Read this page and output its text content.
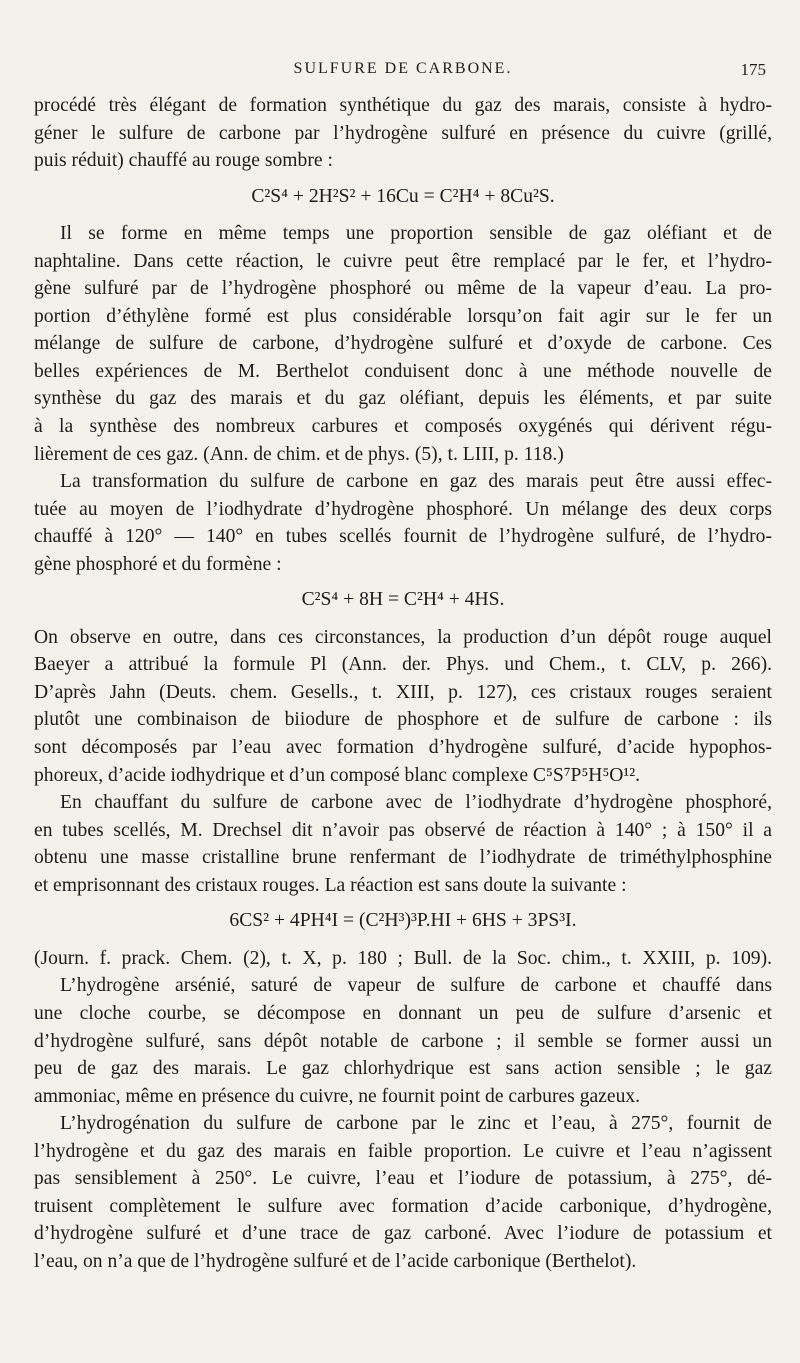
SULFURE DE CARBONE.	175
procédé très élégant de formation synthétique du gaz des marais, consiste à hydro-
géner le sulfure de carbone par l’hydrogène sulfuré en présence du cuivre (grillé,
puis réduit) chauffé au rouge sombre :
C²S⁴ + 2H²S² + 16Cu = C²H⁴ + 8Cu²S.
Il se forme en même temps une proportion sensible de gaz oléfiant et de
naphtaline. Dans cette réaction, le cuivre peut être remplacé par le fer, et l’hydro-
gène sulfuré par de l’hydrogène phosphoré ou même de la vapeur d’eau. La pro-
portion d’éthylène formé est plus considérable lorsqu’on fait agir sur le fer un
mélange de sulfure de carbone, d’hydrogène sulfuré et d’oxyde de carbone. Ces
belles expériences de M. Berthelot conduisent donc à une méthode nouvelle de
synthèse du gaz des marais et du gaz oléfiant, depuis les éléments, et par suite
à la synthèse des nombreux carbures et composés oxygénés qui dérivent régu-
lièrement de ces gaz. (Ann. de chim. et de phys. (5), t. LIII, p. 118.)
La transformation du sulfure de carbone en gaz des marais peut être aussi effec-
tuée au moyen de l’iodhydrate d’hydrogène phosphoré. Un mélange des deux corps
chauffé à 120° — 140° en tubes scellés fournit de l’hydrogène sulfuré, de l’hydro-
gène phosphoré et du formène :
C²S⁴ + 8H = C²H⁴ + 4HS.
On observe en outre, dans ces circonstances, la production d’un dépôt rouge auquel
Baeyer a attribué la formule Pl (Ann. der. Phys. und Chem., t. CLV, p. 266).
D’après Jahn (Deuts. chem. Gesells., t. XIII, p. 127), ces cristaux rouges seraient
plutôt une combinaison de biiodure de phosphore et de sulfure de carbone : ils
sont décomposés par l’eau avec formation d’hydrogène sulfuré, d’acide hypophos-
phoreux, d’acide iodhydrique et d’un composé blanc complexe C⁵S⁷P⁵H⁵O¹².
En chauffant du sulfure de carbone avec de l’iodhydrate d’hydrogène phosphoré,
en tubes scellés, M. Drechsel dit n’avoir pas observé de réaction à 140° ; à 150° il a
obtenu une masse cristalline brune renfermant de l’iodhydrate de triméthylphosphine
et emprisonnant des cristaux rouges. La réaction est sans doute la suivante :
6CS² + 4PH⁴I = (C²H³)³P.HI + 6HS + 3PS³I.
(Journ. f. prack. Chem. (2), t. X, p. 180 ; Bull. de la Soc. chim., t. XXIII, p. 109).
L’hydrogène arsénié, saturé de vapeur de sulfure de carbone et chauffé dans
une cloche courbe, se décompose en donnant un peu de sulfure d’arsenic et
d’hydrogène sulfuré, sans dépôt notable de carbone ; il semble se former aussi un
peu de gaz des marais. Le gaz chlorhydrique est sans action sensible ; le gaz
ammoniac, même en présence du cuivre, ne fournit point de carbures gazeux.
L’hydrogénation du sulfure de carbone par le zinc et l’eau, à 275°, fournit de
l’hydrogène et du gaz des marais en faible proportion. Le cuivre et l’eau n’agissent
pas sensiblement à 250°. Le cuivre, l’eau et l’iodure de potassium, à 275°, dé-
truisent complètement le sulfure avec formation d’acide carbonique, d’hydrogène,
d’hydrogène sulfuré et d’une trace de gaz carboné. Avec l’iodure de potassium et
l’eau, on n’a que de l’hydrogène sulfuré et de l’acide carbonique (Berthelot).
